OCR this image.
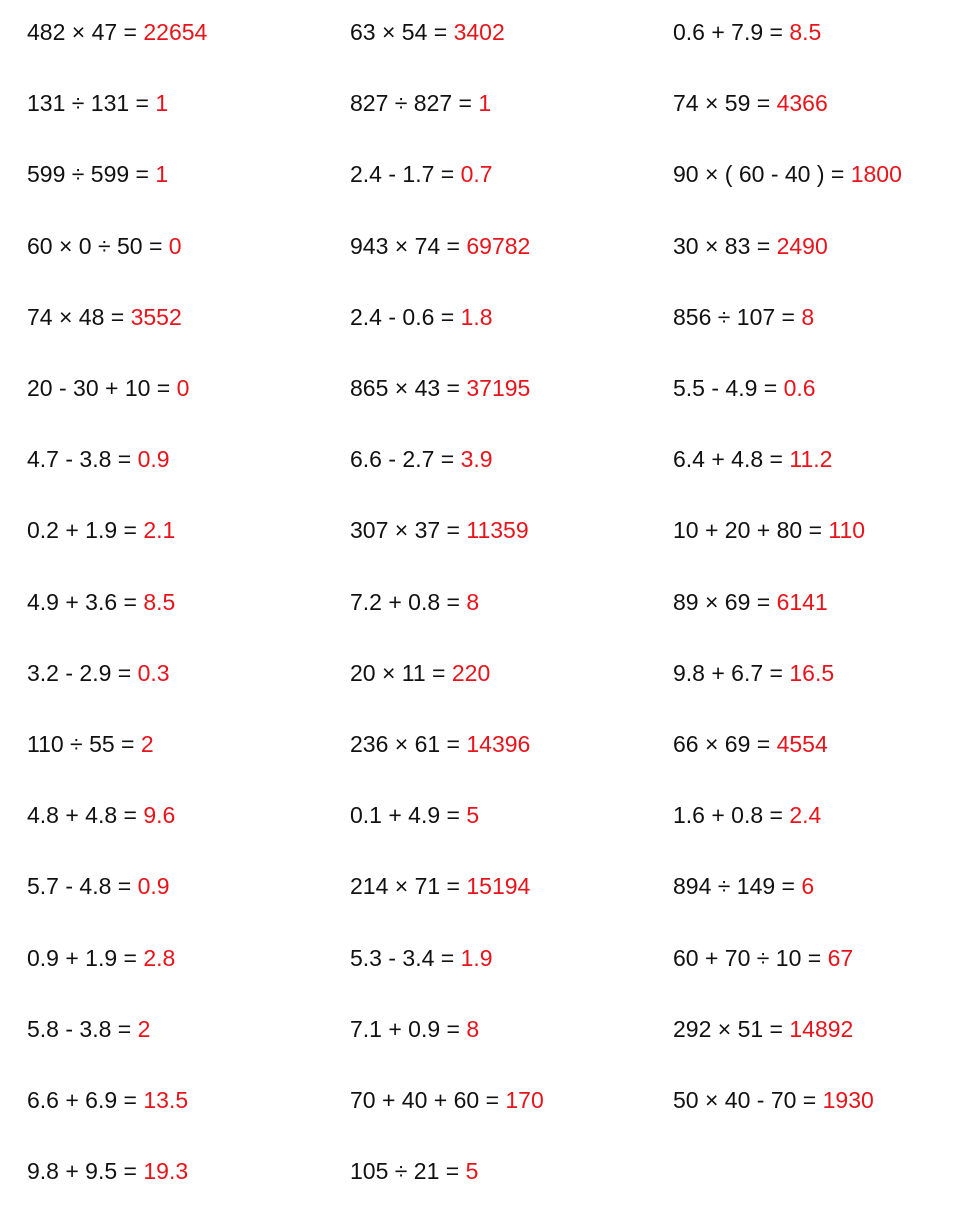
482 × 47 = 22654
131 ÷ 131 = 1
599 ÷ 599 = 1
60 × 0 ÷ 50 = 0
74 × 48 = 3552
20 - 30 + 10 = 0
4.7 - 3.8 = 0.9
0.2 + 1.9 = 2.1
4.9 + 3.6 = 8.5
3.2 - 2.9 = 0.3
110 ÷ 55 = 2
4.8 + 4.8 = 9.6
5.7 - 4.8 = 0.9
0.9 + 1.9 = 2.8
5.8 - 3.8 = 2
6.6 + 6.9 = 13.5
9.8 + 9.5 = 19.3
63 × 54 = 3402
827 ÷ 827 = 1
2.4 - 1.7 = 0.7
943 × 74 = 69782
2.4 - 0.6 = 1.8
865 × 43 = 37195
6.6 - 2.7 = 3.9
307 × 37 = 11359
7.2 + 0.8 = 8
20 × 11 = 220
236 × 61 = 14396
0.1 + 4.9 = 5
214 × 71 = 15194
5.3 - 3.4 = 1.9
7.1 + 0.9 = 8
70 + 40 + 60 = 170
105 ÷ 21 = 5
0.6 + 7.9 = 8.5
74 × 59 = 4366
90 × ( 60 - 40 ) = 1800
30 × 83 = 2490
856 ÷ 107 = 8
5.5 - 4.9 = 0.6
6.4 + 4.8 = 11.2
10 + 20 + 80 = 110
89 × 69 = 6141
9.8 + 6.7 = 16.5
66 × 69 = 4554
1.6 + 0.8 = 2.4
894 ÷ 149 = 6
60 + 70 ÷ 10 = 67
292 × 51 = 14892
50 × 40 - 70 = 1930
